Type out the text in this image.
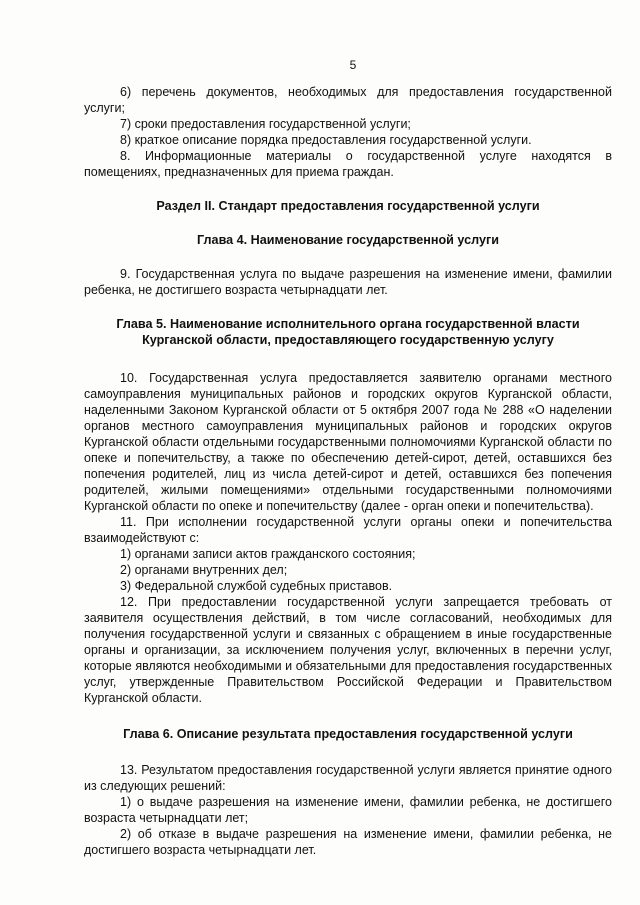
5

6) перечень документов, необходимых для предоставления государственной услуги;

7) сроки предоставления государственной услуги;

8) краткое описание порядка предоставления государственной услуги.

8. Информационные материалы о государственной услуге находятся в помещениях, предназначенных для приема граждан.

Раздел II. Стандарт предоставления государственной услуги
Глава 4. Наименование государственной услуги

9. Государственная услуга по выдаче разрешения на изменение имени, фамилии ребенка, не достигшего возраста четырнадцати лет.

Глава 5. Наименование исполнительного органа государственной власти
Курганской области, предоставляющего государственную услугу

10. Государственная услуга предоставляется заявителю органами местного самоуправления муниципальных районов и городских округов Курганской области, наделенными Законом Курганской области от 5 октября 2007 года № 288 «О наделении органов местного самоуправления муниципальных районов и городских округов Курганской области отдельными государственными полномочиями Курганской области по опеке и попечительству, а также по обеспечению детей-сирот, детей, оставшихся без попечения родителей, лиц из числа детей-сирот и детей, оставшихся без попечения родителей, жилыми помещениями» отдельными государственными полномочиями Курганской области по опеке и попечительству (далее - орган опеки и попечительства).

11. При исполнении государственной услуги органы опеки и попечительства взаимодействуют с:

1) органами записи актов гражданского состояния;

2) органами внутренних дел;

3) Федеральной службой судебных приставов.

12. При предоставлении государственной услуги запрещается требовать от заявителя осуществления действий, в том числе согласований, необходимых для получения государственной услуги и связанных с обращением в иные государственные органы и организации, за исключением получения услуг, включенных в перечни услуг, которые являются необходимыми и обязательными для предоставления государственных услуг, утвержденные Правительством Российской Федерации и Правительством Курганской области.

Глава 6. Описание результата предоставления государственной услуги

13. Результатом предоставления государственной услуги является принятие одного из следующих решений:

1) о выдаче разрешения на изменение имени, фамилии ребенка, не достигшего возраста четырнадцати лет;

2) об отказе в выдаче разрешения на изменение имени, фамилии ребенка, не достигшего возраста четырнадцати лет.
